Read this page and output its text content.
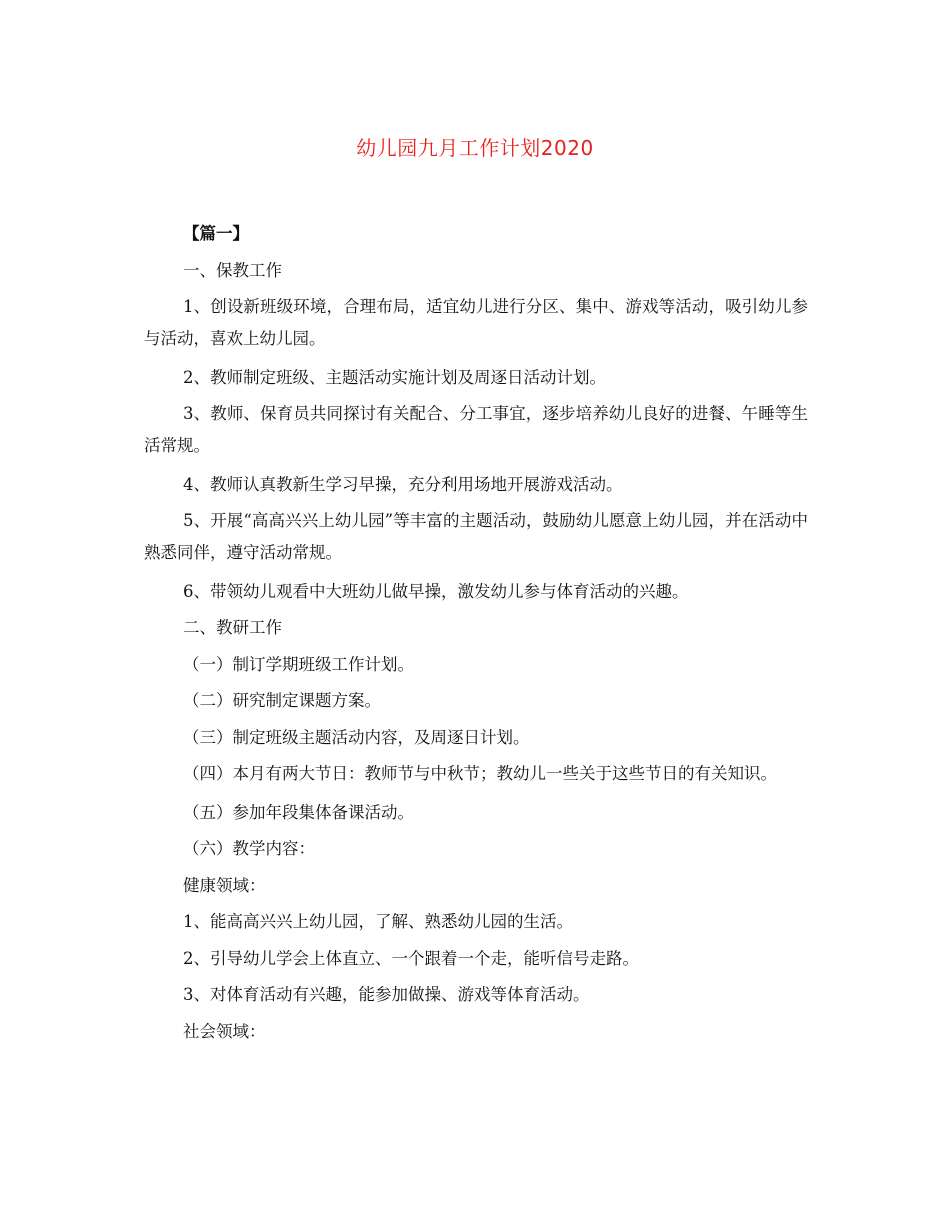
幼儿园九月工作计划2020

【篇一】

一、保教工作

1、创设新班级环境，合理布局，适宜幼儿进行分区、集中、游戏等活动，吸引幼儿参与活动，喜欢上幼儿园。

2、教师制定班级、主题活动实施计划及周逐日活动计划。

3、教师、保育员共同探讨有关配合、分工事宜，逐步培养幼儿良好的进餐、午睡等生活常规。

4、教师认真教新生学习早操，充分利用场地开展游戏活动。

5、开展“高高兴兴上幼儿园”等丰富的主题活动，鼓励幼儿愿意上幼儿园，并在活动中熟悉同伴，遵守活动常规。

6、带领幼儿观看中大班幼儿做早操，激发幼儿参与体育活动的兴趣。

二、教研工作

（一）制订学期班级工作计划。

（二）研究制定课题方案。

（三）制定班级主题活动内容，及周逐日计划。

（四）本月有两大节日：教师节与中秋节；教幼儿一些关于这些节日的有关知识。

（五）参加年段集体备课活动。

（六）教学内容：

健康领域：

1、能高高兴兴上幼儿园，了解、熟悉幼儿园的生活。

2、引导幼儿学会上体直立、一个跟着一个走，能听信号走路。

3、对体育活动有兴趣，能参加做操、游戏等体育活动。

社会领域：
